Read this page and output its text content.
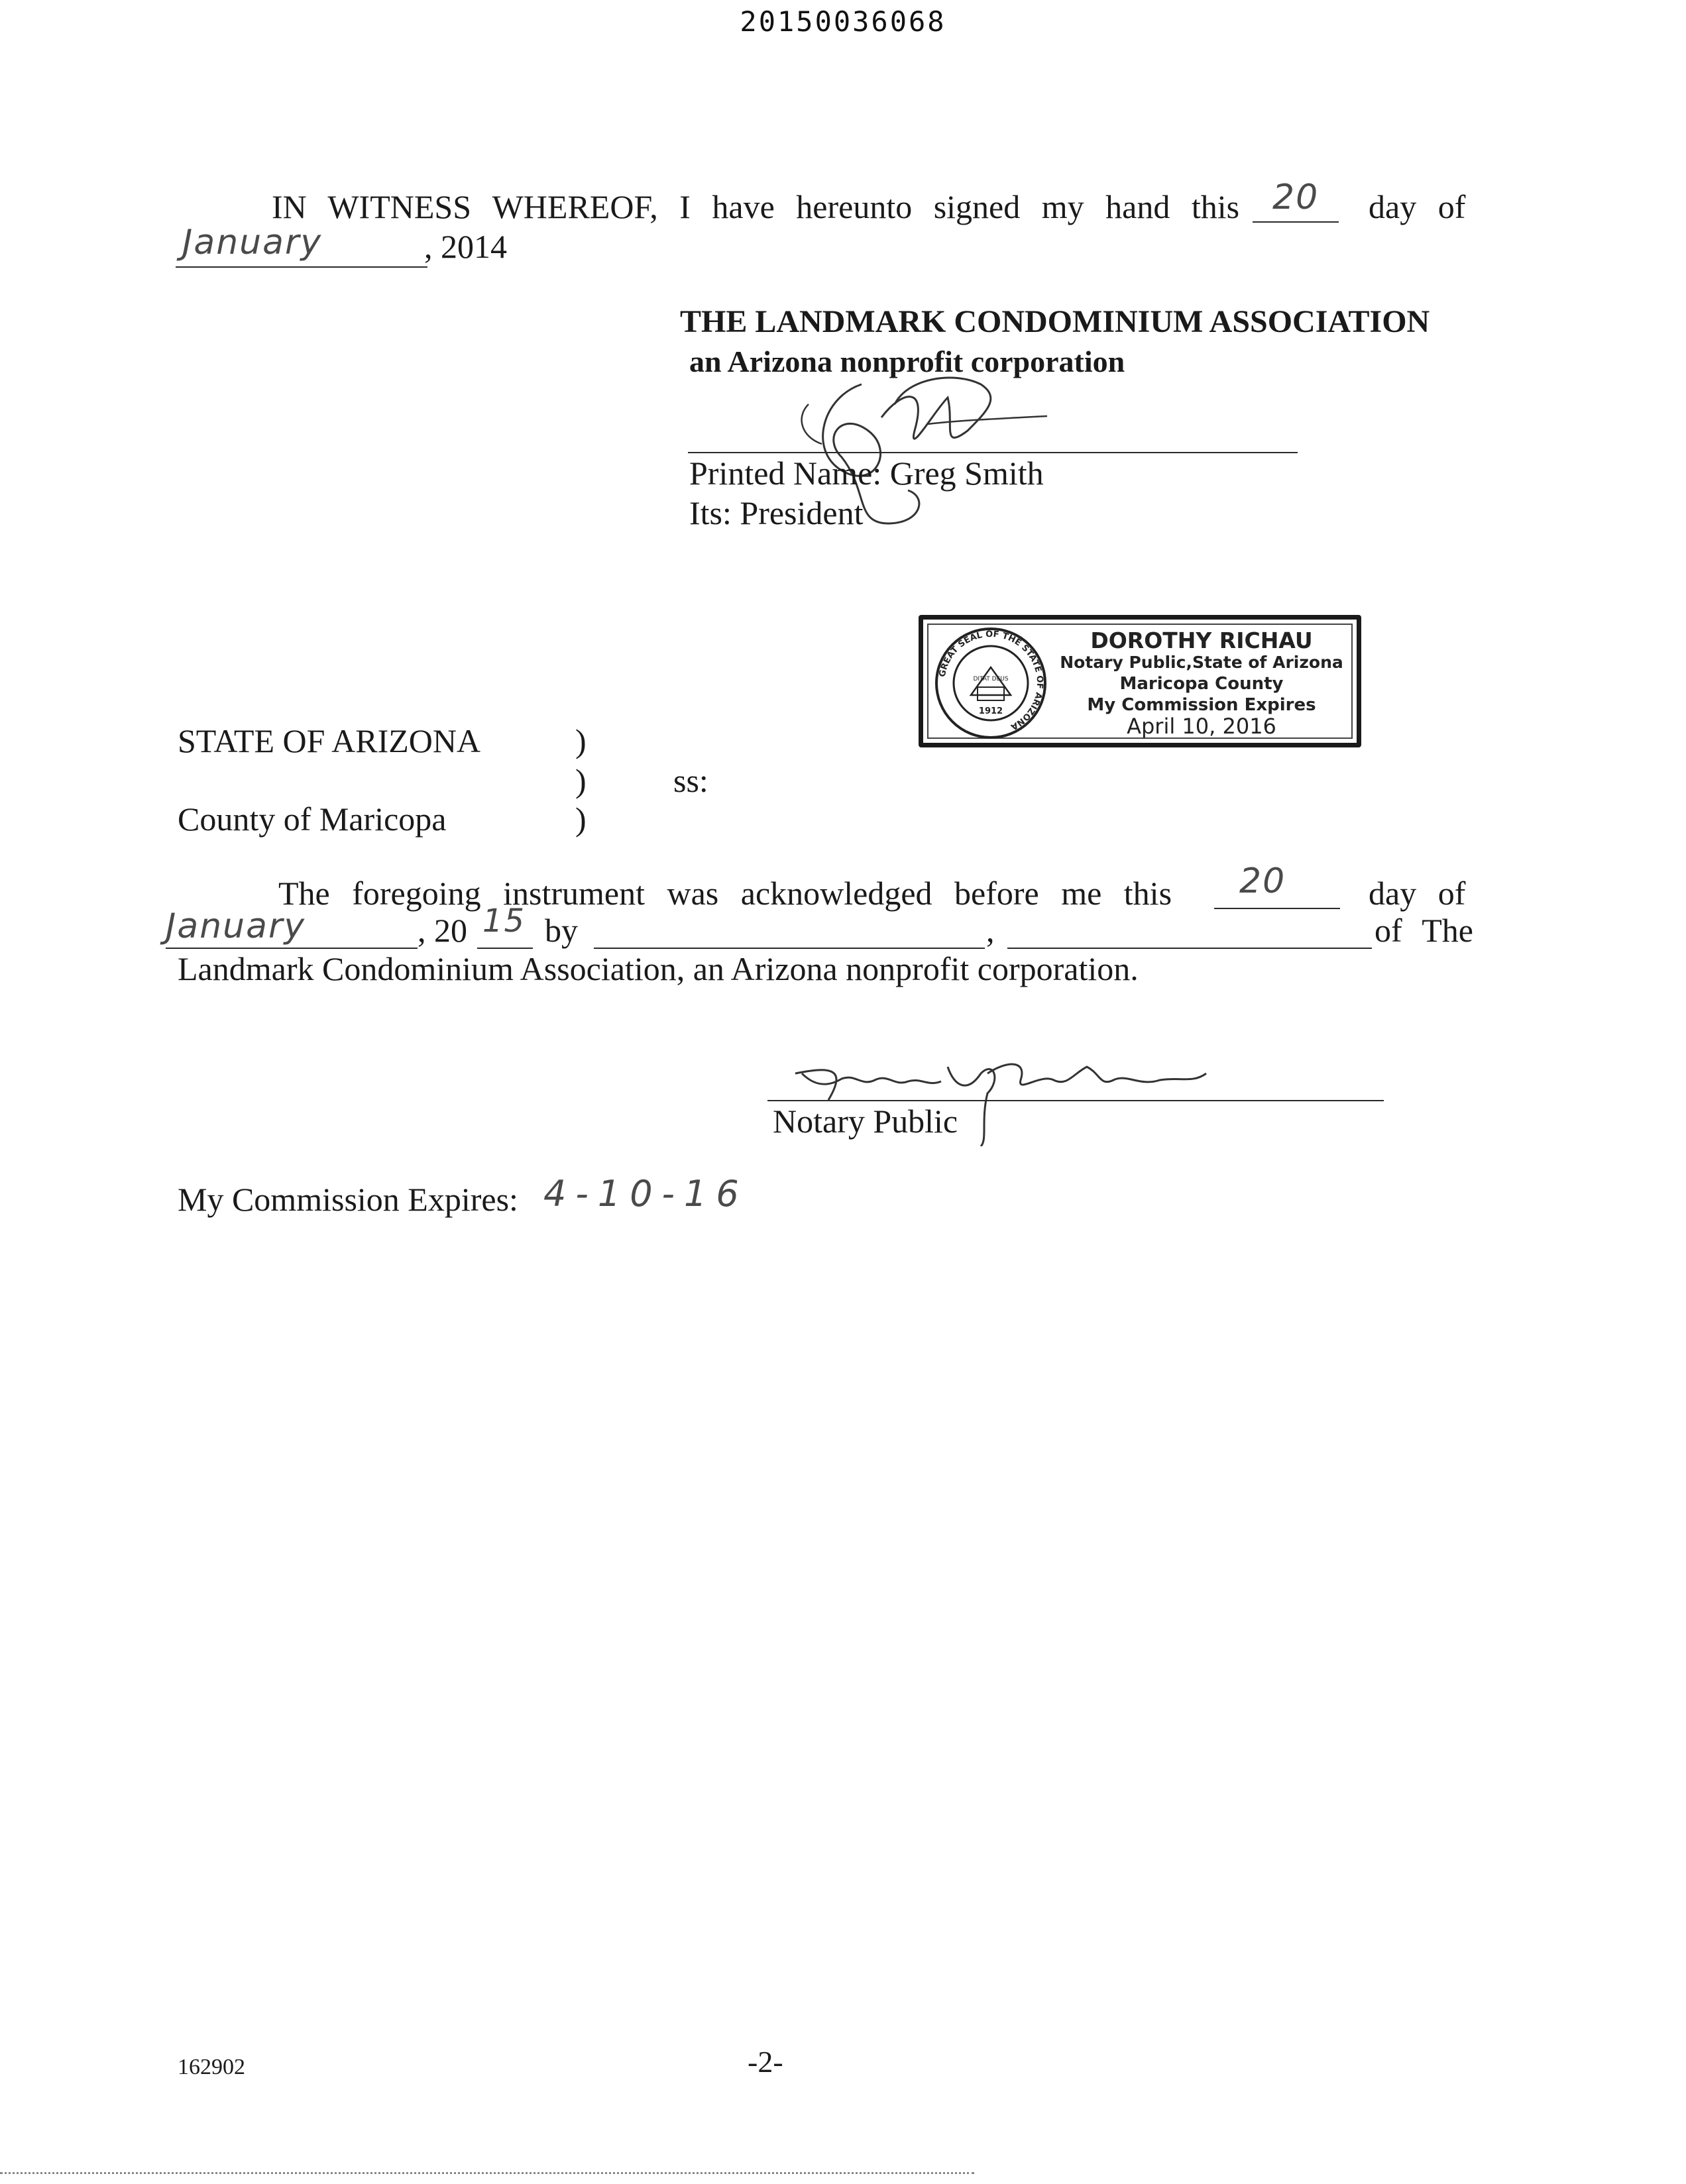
20150036068
IN WITNESS WHEREOF, I have hereunto signed my hand this 20 day of
January	, 2014
THE LANDMARK CONDOMINIUM ASSOCIATION
an Arizona nonprofit corporation
Printed Name: Greg Smith
Its: President
GREAT SEAL OF THE STATE OF ARIZONA
DITAT DEUS
1912
DOROTHY RICHAU
Notary Public,State of Arizona
Maricopa County
My Commission Expires
April 10, 2016
STATE OF ARIZONA	)
)	ss:
County of Maricopa	)
The foregoing instrument was acknowledged before me this 20 day of
January	, 20 15 by	,	of The
Landmark Condominium Association, an Arizona nonprofit corporation.
Notary Public
My Commission Expires: 4-10-16
162902	-2-
